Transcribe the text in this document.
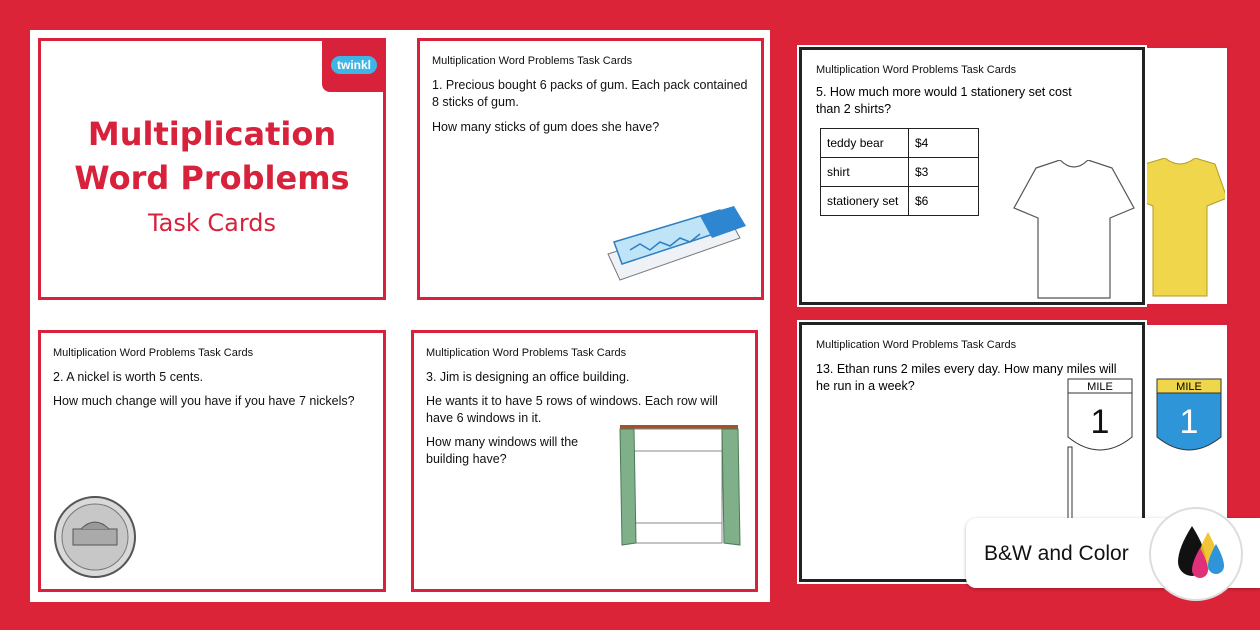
twinkl
Multiplication
Word Problems
Task Cards
Multiplication Word Problems Task Cards
1. Precious bought 6 packs of gum. Each pack contained 8 sticks of gum.
How many sticks of gum does she have?
Multiplication Word Problems Task Cards
2. A nickel is worth 5 cents.
How much change will you have if you have 7 nickels?
Multiplication Word Problems Task Cards
3. Jim is designing an office building.
He wants it to have 5 rows of windows. Each row will have 6 windows in it.
How many windows will the building have?
Multiplication Word Problems Task Cards
5. How much more would 1 stationery set cost than 2 shirts?
teddy bear	$4
shirt	$3
stationery set	$6
MILE
1
Multiplication Word Problems Task Cards
13. Ethan runs 2 miles every day. How many miles will he run in a week?	MILE
1
B&W and Color
